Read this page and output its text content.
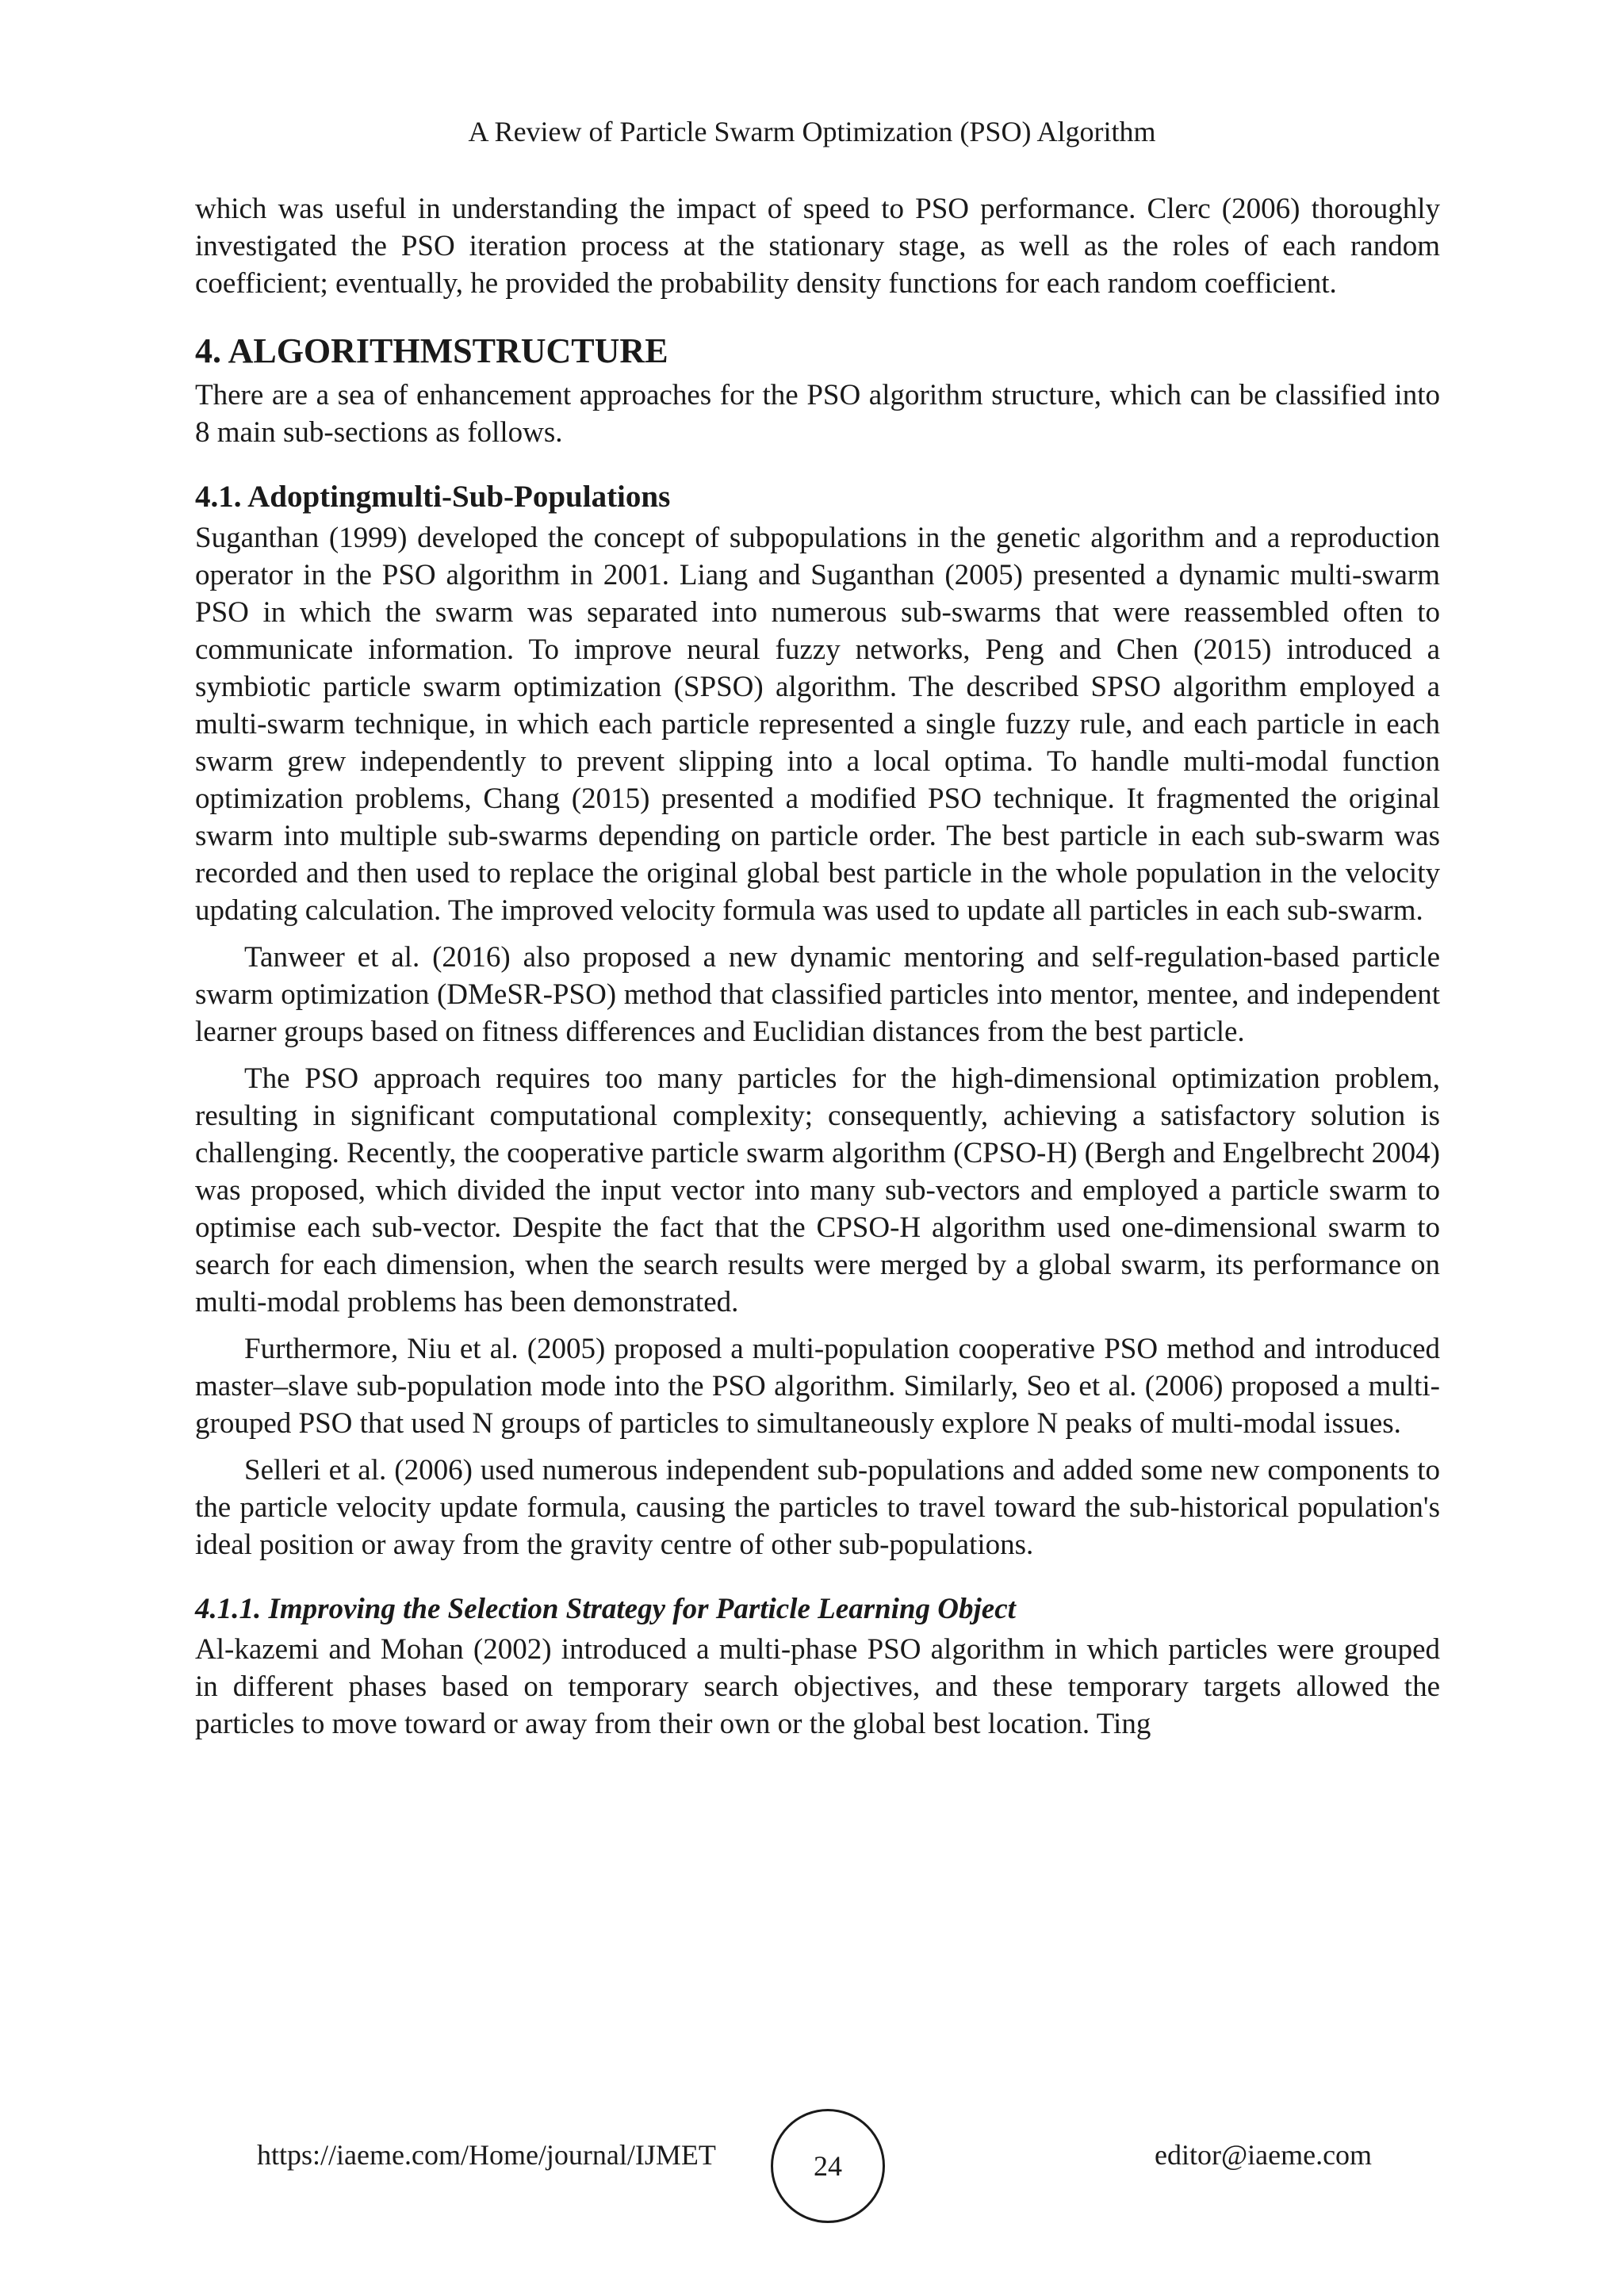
A Review of Particle Swarm Optimization (PSO) Algorithm

which was useful in understanding the impact of speed to PSO performance. Clerc (2006) thoroughly investigated the PSO iteration process at the stationary stage, as well as the roles of each random coefficient; eventually, he provided the probability density functions for each random coefficient.

4. ALGORITHMSTRUCTURE

There are a sea of enhancement approaches for the PSO algorithm structure, which can be classified into 8 main sub-sections as follows.

4.1. Adoptingmulti-Sub-Populations

Suganthan (1999) developed the concept of subpopulations in the genetic algorithm and a reproduction operator in the PSO algorithm in 2001. Liang and Suganthan (2005) presented a dynamic multi-swarm PSO in which the swarm was separated into numerous sub-swarms that were reassembled often to communicate information. To improve neural fuzzy networks, Peng and Chen (2015) introduced a symbiotic particle swarm optimization (SPSO) algorithm. The described SPSO algorithm employed a multi-swarm technique, in which each particle represented a single fuzzy rule, and each particle in each swarm grew independently to prevent slipping into a local optima. To handle multi-modal function optimization problems, Chang (2015) presented a modified PSO technique. It fragmented the original swarm into multiple sub-swarms depending on particle order. The best particle in each sub-swarm was recorded and then used to replace the original global best particle in the whole population in the velocity updating calculation. The improved velocity formula was used to update all particles in each sub-swarm.

Tanweer et al. (2016) also proposed a new dynamic mentoring and self-regulation-based particle swarm optimization (DMeSR-PSO) method that classified particles into mentor, mentee, and independent learner groups based on fitness differences and Euclidian distances from the best particle.

The PSO approach requires too many particles for the high-dimensional optimization problem, resulting in significant computational complexity; consequently, achieving a satisfactory solution is challenging. Recently, the cooperative particle swarm algorithm (CPSO-H) (Bergh and Engelbrecht 2004) was proposed, which divided the input vector into many sub-vectors and employed a particle swarm to optimise each sub-vector. Despite the fact that the CPSO-H algorithm used one-dimensional swarm to search for each dimension, when the search results were merged by a global swarm, its performance on multi-modal problems has been demonstrated.

Furthermore, Niu et al. (2005) proposed a multi-population cooperative PSO method and introduced master–slave sub-population mode into the PSO algorithm. Similarly, Seo et al. (2006) proposed a multi- grouped PSO that used N groups of particles to simultaneously explore N peaks of multi-modal issues.

Selleri et al. (2006) used numerous independent sub-populations and added some new components to the particle velocity update formula, causing the particles to travel toward the sub-historical population's ideal position or away from the gravity centre of other sub-populations.

4.1.1. Improving the Selection Strategy for Particle Learning Object

Al-kazemi and Mohan (2002) introduced a multi-phase PSO algorithm in which particles were grouped in different phases based on temporary search objectives, and these temporary targets allowed the particles to move toward or away from their own or the global best location. Ting

https://iaeme.com/Home/journal/IJMET	24	editor@iaeme.com
